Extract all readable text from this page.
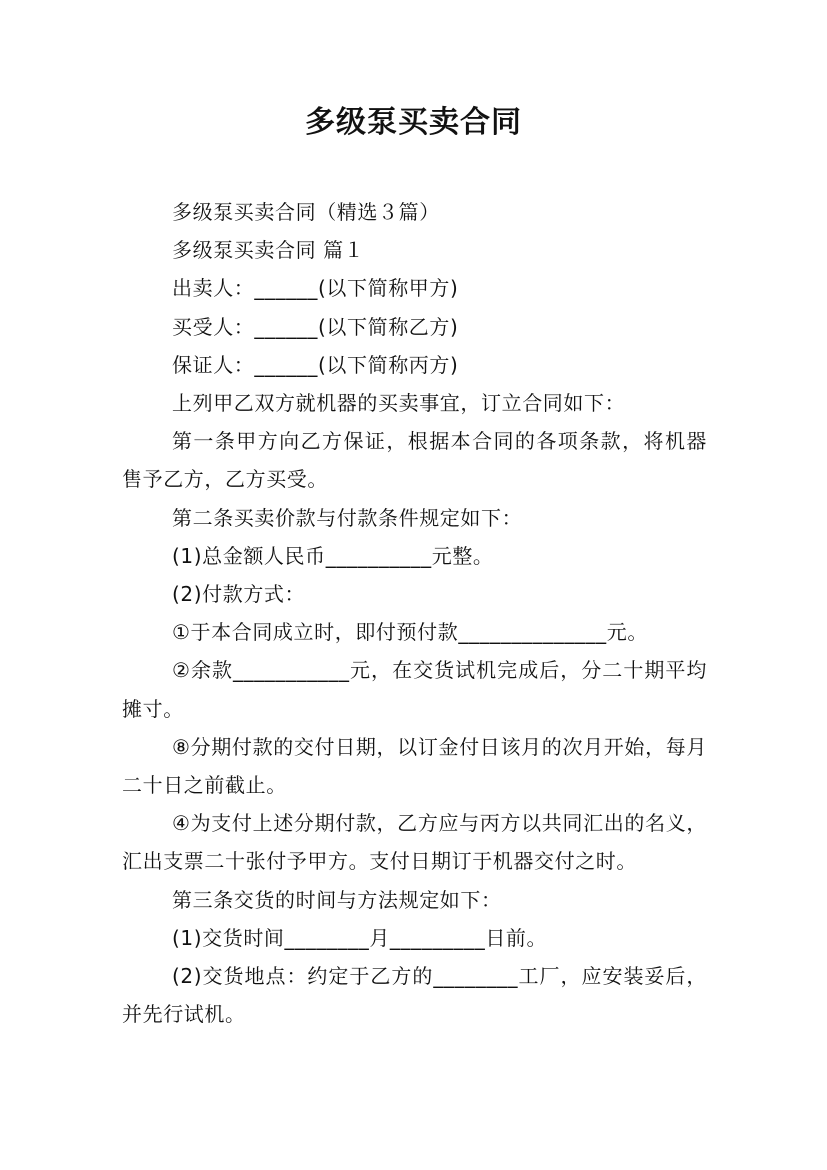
多级泵买卖合同

多级泵买卖合同（精选３篇）

多级泵买卖合同 篇１

出卖人：______(以下简称甲方)

买受人：______(以下简称乙方)

保证人：______(以下简称丙方)

上列甲乙双方就机器的买卖事宜，订立合同如下：

第一条甲方向乙方保证，根据本合同的各项条款，将机器售予乙方，乙方买受。

第二条买卖价款与付款条件规定如下：

(1)总金额人民币__________元整。

(2)付款方式：

①于本合同成立时，即付预付款______________元。

②余款___________元，在交货试机完成后，分二十期平均摊寸。

⑧分期付款的交付日期，以订金付日该月的次月开始，每月二十日之前截止。

④为支付上述分期付款，乙方应与丙方以共同汇出的名义，汇出支票二十张付予甲方。支付日期订于机器交付之时。

第三条交货的时间与方法规定如下：

(1)交货时间________月_________日前。

(2)交货地点：约定于乙方的________工厂，应安装妥后，并先行试机。
